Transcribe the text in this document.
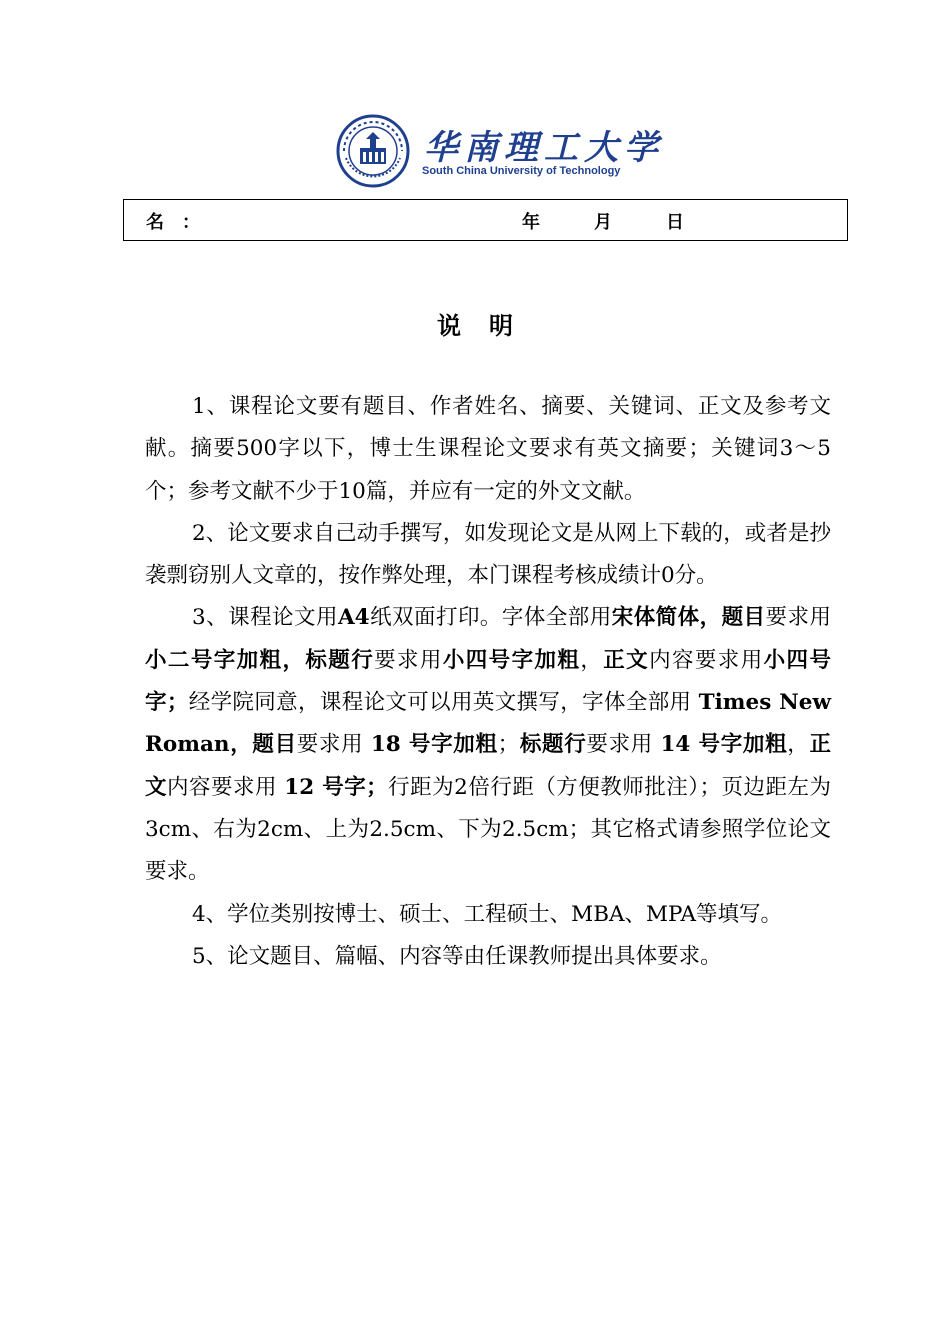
华南理工大学
South China University of Technology
名　：	年	月	日
说明

1、课程论文要有题目、作者姓名、摘要、关键词、正文及参考文献。摘要500字以下，博士生课程论文要求有英文摘要；关键词3～5个；参考文献不少于10篇，并应有一定的外文文献。

2、论文要求自己动手撰写，如发现论文是从网上下载的，或者是抄袭剽窃别人文章的，按作弊处理，本门课程考核成绩计0分。

3、课程论文用A4纸双面打印。字体全部用宋体简体，题目要求用小二号字加粗，标题行要求用小四号字加粗，正文内容要求用小四号字；经学院同意，课程论文可以用英文撰写，字体全部用 Times New Roman，题目要求用 18 号字加粗；标题行要求用 14 号字加粗，正文内容要求用 12 号字；行距为2倍行距（方便教师批注）；页边距左为3cm、右为2cm、上为2.5cm、下为2.5cm；其它格式请参照学位论文要求。

4、学位类别按博士、硕士、工程硕士、MBA、MPA等填写。

5、论文题目、篇幅、内容等由任课教师提出具体要求。
